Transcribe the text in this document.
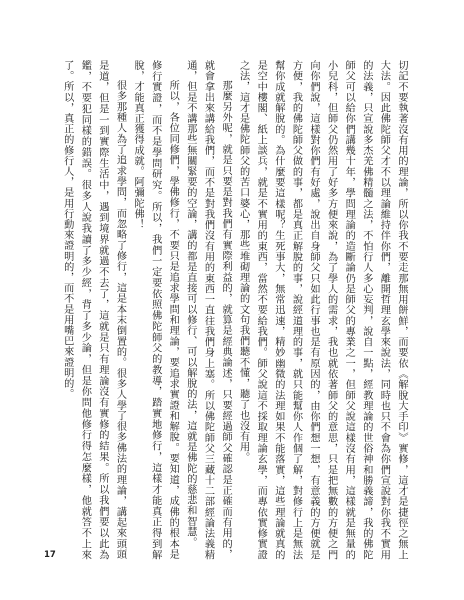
切記不要執著沒有用的理論，所以你我不要走那無用餅鮮，而要依《解脫大手印》實修，這才是捷徑之無上大法。因此佛陀師父才不以理論維持伴你們，離開哲理玄學來說法，同時也只不會為你們宣說對你我不實用的法義，只宣說多杰羌佛精髓之法，不怕行人多心妄判，說自一點，經教理論的世俗神和勝義諦，我的佛陀師父可以給你們講幾十年，學問理論的造斷論仍是師父的專業之一，但師父說這樣沒有用，這樣就是無量的小兒科，但師父仍然用了好多方便來說，為了學人的需求，我也就依著師父的意思，只是把無數的方便之門向你們說，這樣對你們有好處，說出自身師父只如此行事也是有原因的，由你們想一想，有意義的方便就是方便，我的佛陀師父做的事，都是真正解脫的事，說經道理的事，就只能幫你人作個了解，對修行上是無法幫你成就解脫的。為什麼要這樣呢？生死事大，無常迅速，精妙幽微的法理如果不能落實，這些理論就真的是空中樓閣、紙上談兵，就是不實用的東西，當然不要給我們。師父說這不採取理論玄學，而專依實修實證之法，這才是佛陀師父的苦口婆心，那些堆砌理論的文句我們聽不懂，聽了也沒有用。

那麼另外呢，就是只要是對我們有實際利益的，就算是經典論述，只要經過師父確認是正確而有用的，就會拿出來講給我們，而不是對我們沒有用的東西一直往我們身上塞。所以佛陀師父三藏十二部經論法義精通，但是不講那些無關緊要的空論，講的都是直接可以修行、可以解脫的法，這就是佛陀的慈悲和智慧。

所以，各位同修們，學佛修行，不要只是追求學問和理論，要追求實證和解脫。要知道，成佛的根本是修行實證，而不是學問研究。所以，我們一定要依照佛陀師父的教導，踏實地修行，這樣才能真正得到解脫，才能真正獲得成就。阿彌陀佛！

很多那種人為了追求學問，而忽略了修行，這是本末倒置的。很多人學了很多佛法的理論，講起來頭頭是道，但是一到實際生活中，遇到境界就過不去了，這就是只有理論沒有實修的結果。所以我們要以此為鑑，不要犯同樣的錯誤。很多人說我讀了多少經，背了多少論，但是你問他修行得怎麼樣，他就答不上來了。所以，真正的修行人，是用行動來證明的，而不是用嘴巴來證明的。

17
